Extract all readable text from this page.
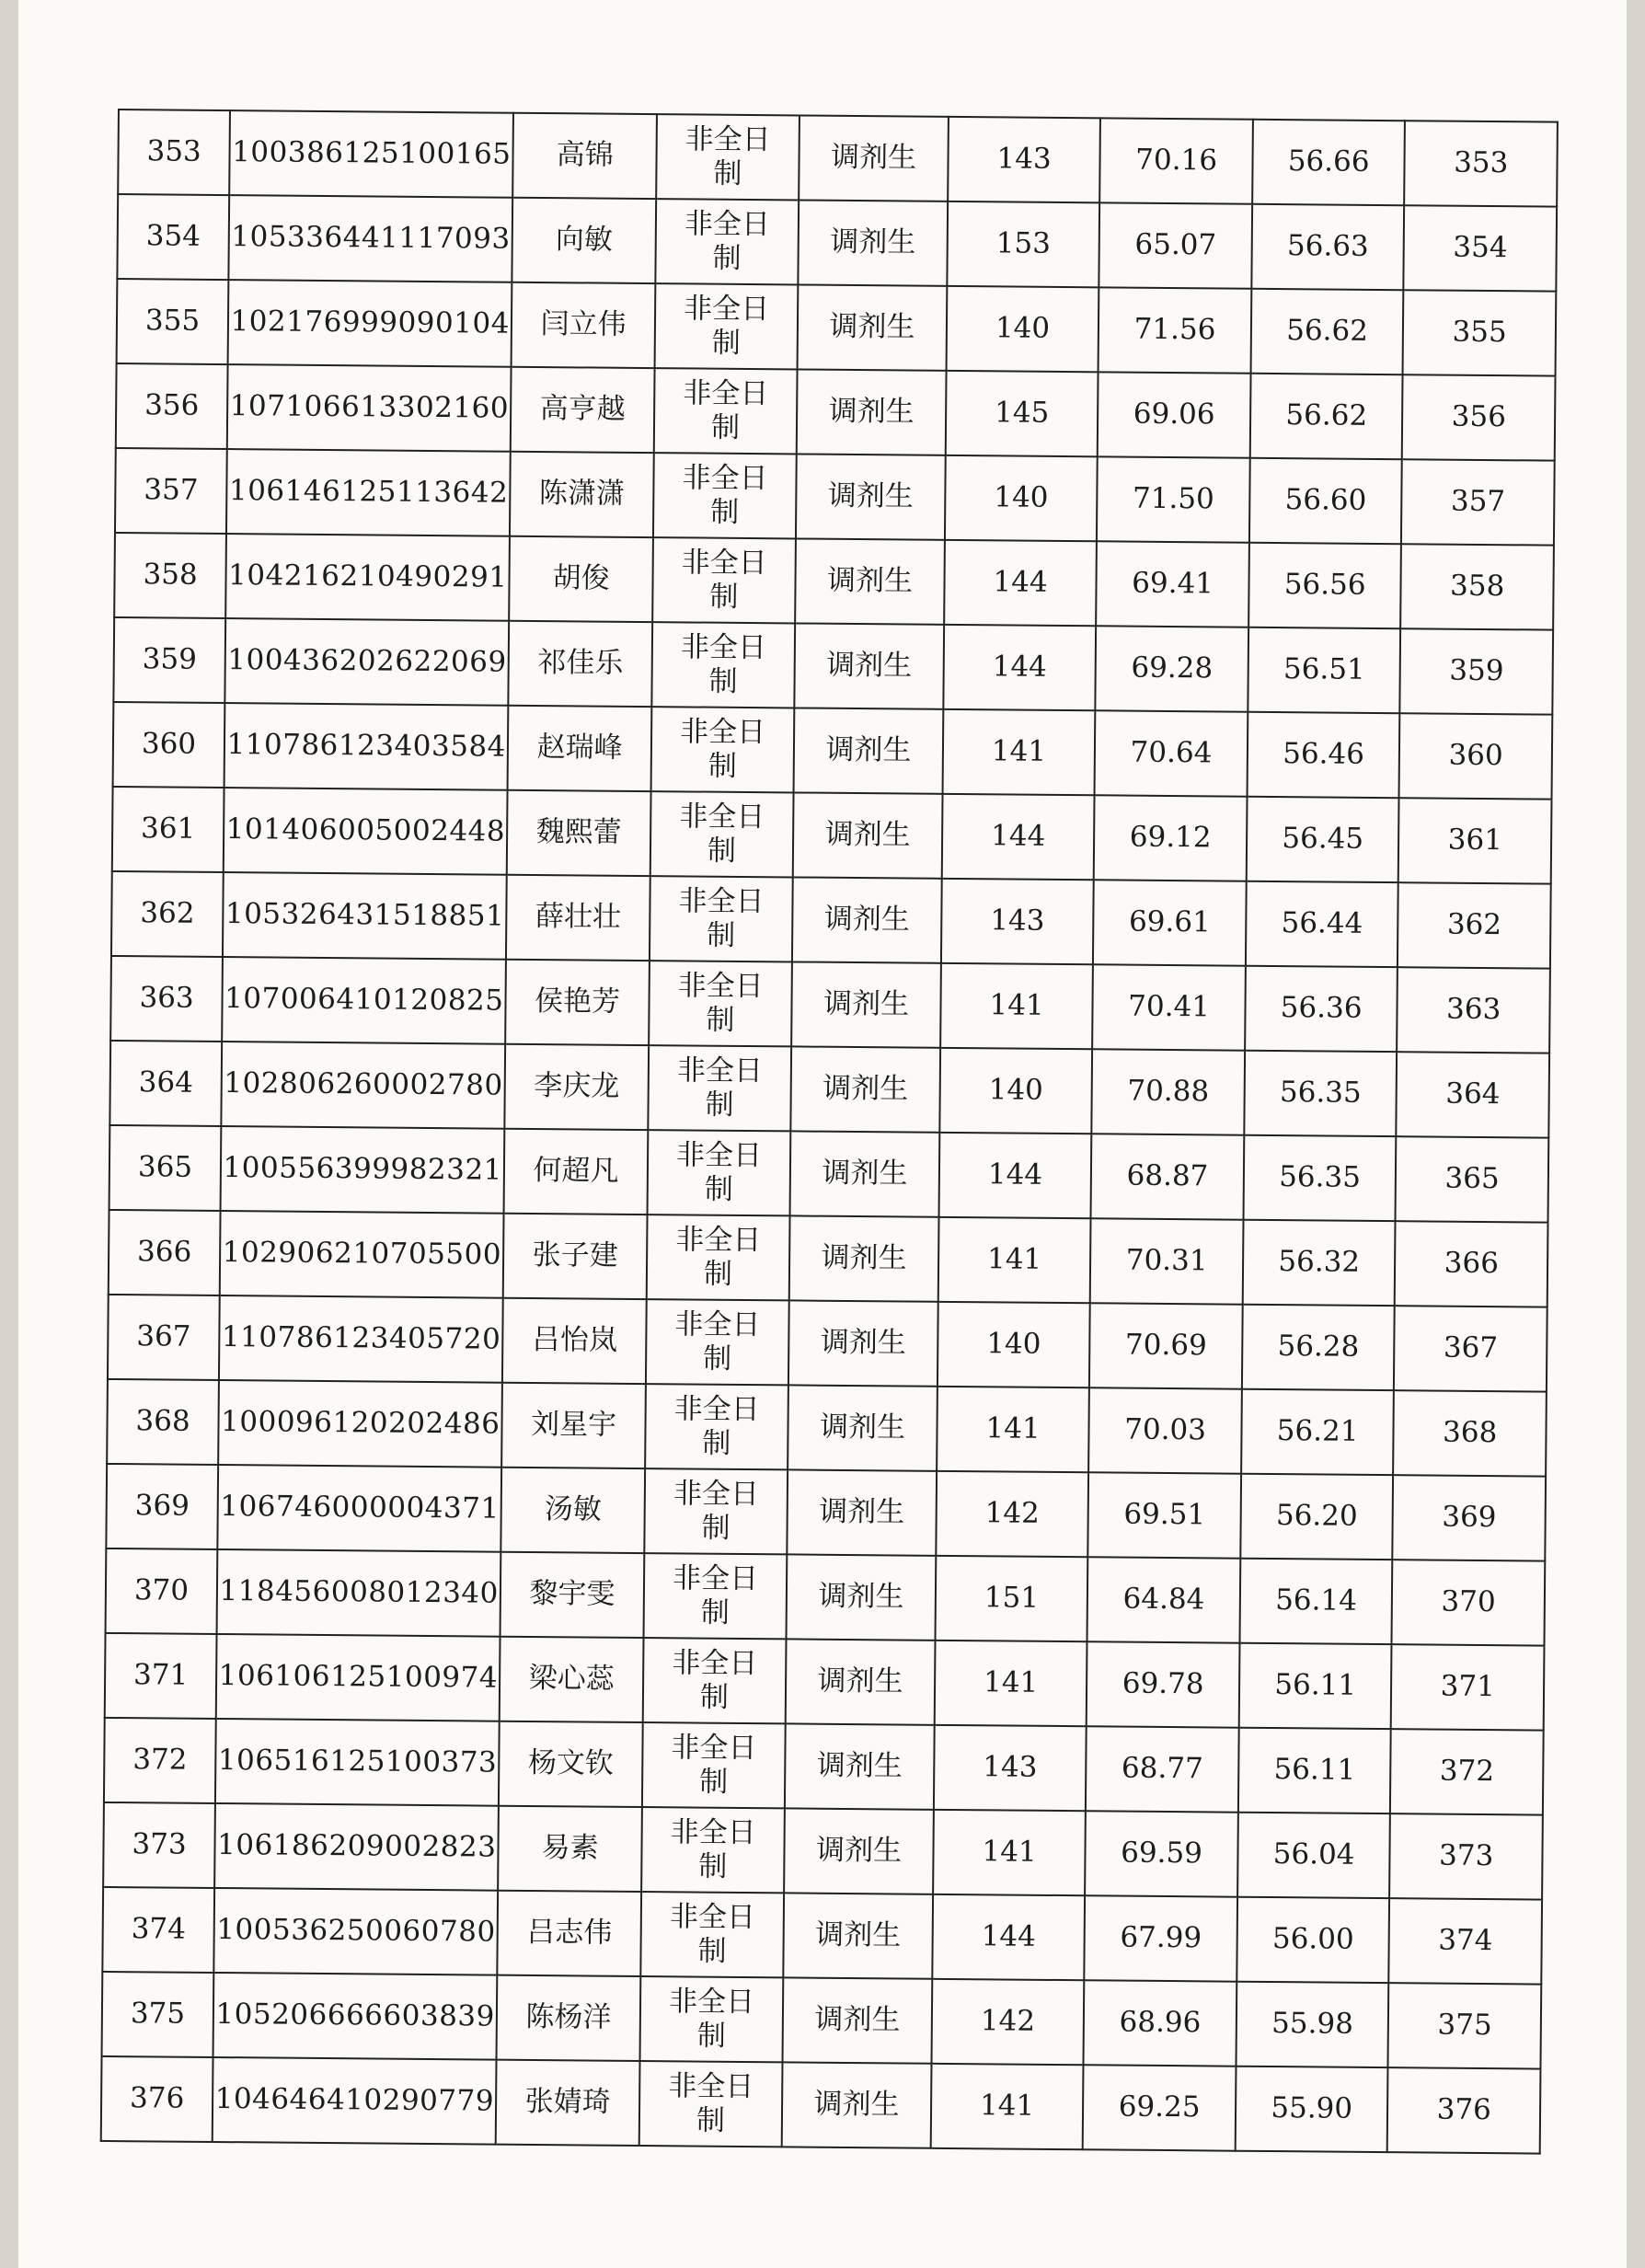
353	100386125100165	高锦	非全日
制	调剂生	143	70.16	56.66	353
354	105336441117093	向敏	非全日
制	调剂生	153	65.07	56.63	354
355	102176999090104	闫立伟	非全日
制	调剂生	140	71.56	56.62	355
356	107106613302160	高亨越	非全日
制	调剂生	145	69.06	56.62	356
357	106146125113642	陈潇潇	非全日
制	调剂生	140	71.50	56.60	357
358	104216210490291	胡俊	非全日
制	调剂生	144	69.41	56.56	358
359	100436202622069	祁佳乐	非全日
制	调剂生	144	69.28	56.51	359
360	110786123403584	赵瑞峰	非全日
制	调剂生	141	70.64	56.46	360
361	101406005002448	魏熙蕾	非全日
制	调剂生	144	69.12	56.45	361
362	105326431518851	薛壮壮	非全日
制	调剂生	143	69.61	56.44	362
363	107006410120825	侯艳芳	非全日
制	调剂生	141	70.41	56.36	363
364	102806260002780	李庆龙	非全日
制	调剂生	140	70.88	56.35	364
365	100556399982321	何超凡	非全日
制	调剂生	144	68.87	56.35	365
366	102906210705500	张子建	非全日
制	调剂生	141	70.31	56.32	366
367	110786123405720	吕怡岚	非全日
制	调剂生	140	70.69	56.28	367
368	100096120202486	刘星宇	非全日
制	调剂生	141	70.03	56.21	368
369	106746000004371	汤敏	非全日
制	调剂生	142	69.51	56.20	369
370	118456008012340	黎宇雯	非全日
制	调剂生	151	64.84	56.14	370
371	106106125100974	梁心蕊	非全日
制	调剂生	141	69.78	56.11	371
372	106516125100373	杨文钦	非全日
制	调剂生	143	68.77	56.11	372
373	106186209002823	易素	非全日
制	调剂生	141	69.59	56.04	373
374	100536250060780	吕志伟	非全日
制	调剂生	144	67.99	56.00	374
375	105206666603839	陈杨洋	非全日
制	调剂生	142	68.96	55.98	375
376	104646410290779	张婧琦	非全日
制	调剂生	141	69.25	55.90	376
